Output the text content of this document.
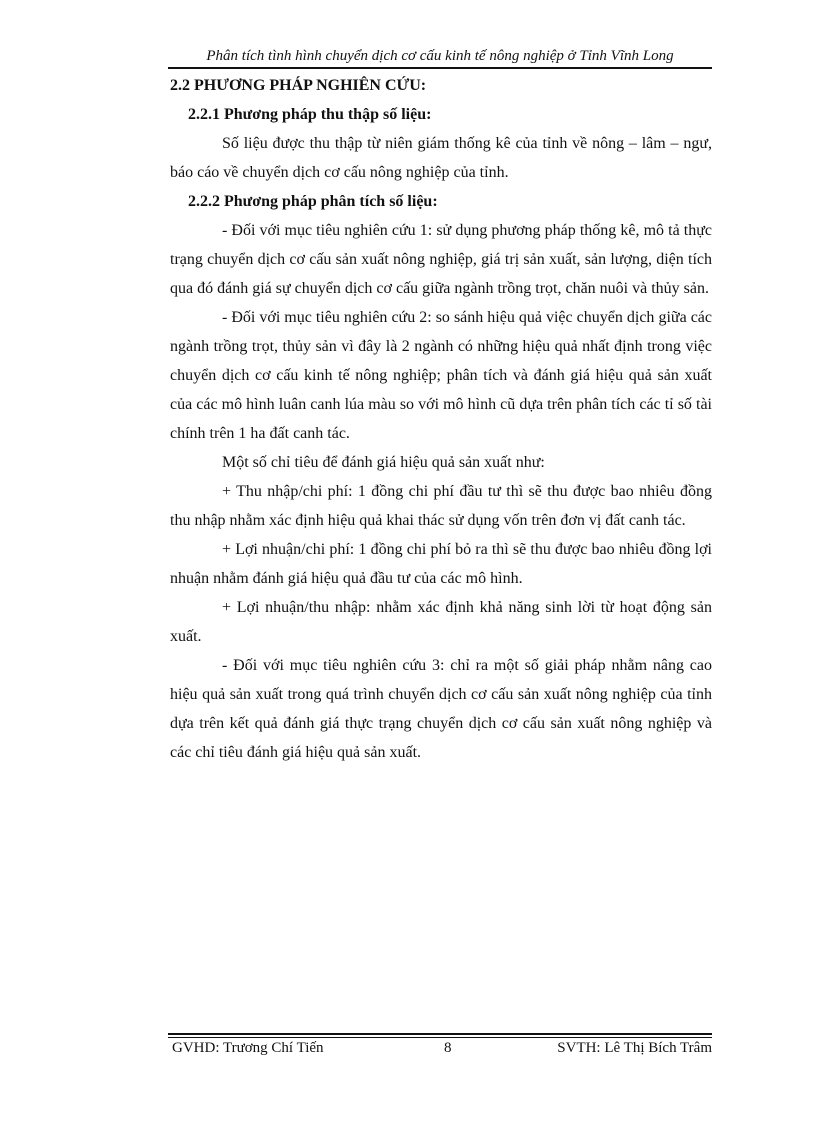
Phân tích tình hình chuyển dịch cơ cấu kinh tế nông nghiệp ở Tỉnh Vĩnh Long

2.2 PHƯƠNG PHÁP NGHIÊN CỨU:

2.2.1 Phương pháp thu thập số liệu:

Số liệu được thu thập từ niên giám thống kê của tỉnh về nông – lâm – ngư, báo cáo về chuyển dịch cơ cấu nông nghiệp của tỉnh.

2.2.2 Phương pháp phân tích số liệu:

- Đối với mục tiêu nghiên cứu 1: sử dụng phương pháp thống kê, mô tả thực trạng chuyển dịch cơ cấu sản xuất nông nghiệp, giá trị sản xuất, sản lượng, diện tích qua đó đánh giá sự chuyển dịch cơ cấu giữa ngành trồng trọt, chăn nuôi và thủy sản.

- Đối với mục tiêu nghiên cứu 2: so sánh hiệu quả việc chuyển dịch giữa các ngành trồng trọt, thủy sản vì đây là 2 ngành có những hiệu quả nhất định trong việc chuyển dịch cơ cấu kinh tế nông nghiệp; phân tích và đánh giá hiệu quả sản xuất của các mô hình luân canh lúa màu so với mô hình cũ dựa trên phân tích các tỉ số tài chính trên 1 ha đất canh tác.

Một số chỉ tiêu để đánh giá hiệu quả sản xuất như:

+ Thu nhập/chi phí: 1 đồng chi phí đầu tư thì sẽ thu được bao nhiêu đồng thu nhập nhằm xác định hiệu quả khai thác sử dụng vốn trên đơn vị đất canh tác.

+ Lợi nhuận/chi phí: 1 đồng chi phí bỏ ra thì sẽ thu được bao nhiêu đồng lợi nhuận nhằm đánh giá hiệu quả đầu tư của các mô hình.

+ Lợi nhuận/thu nhập: nhằm xác định khả năng sinh lời từ hoạt động sản xuất.

- Đối với mục tiêu nghiên cứu 3: chỉ ra một số giải pháp nhằm nâng cao hiệu quả sản xuất trong quá trình chuyển dịch cơ cấu sản xuất nông nghiệp của tỉnh dựa trên kết quả đánh giá thực trạng chuyển dịch cơ cấu sản xuất nông nghiệp và các chỉ tiêu đánh giá hiệu quả sản xuất.

GVHD: Trương Chí Tiến	8	SVTH: Lê Thị Bích Trâm
